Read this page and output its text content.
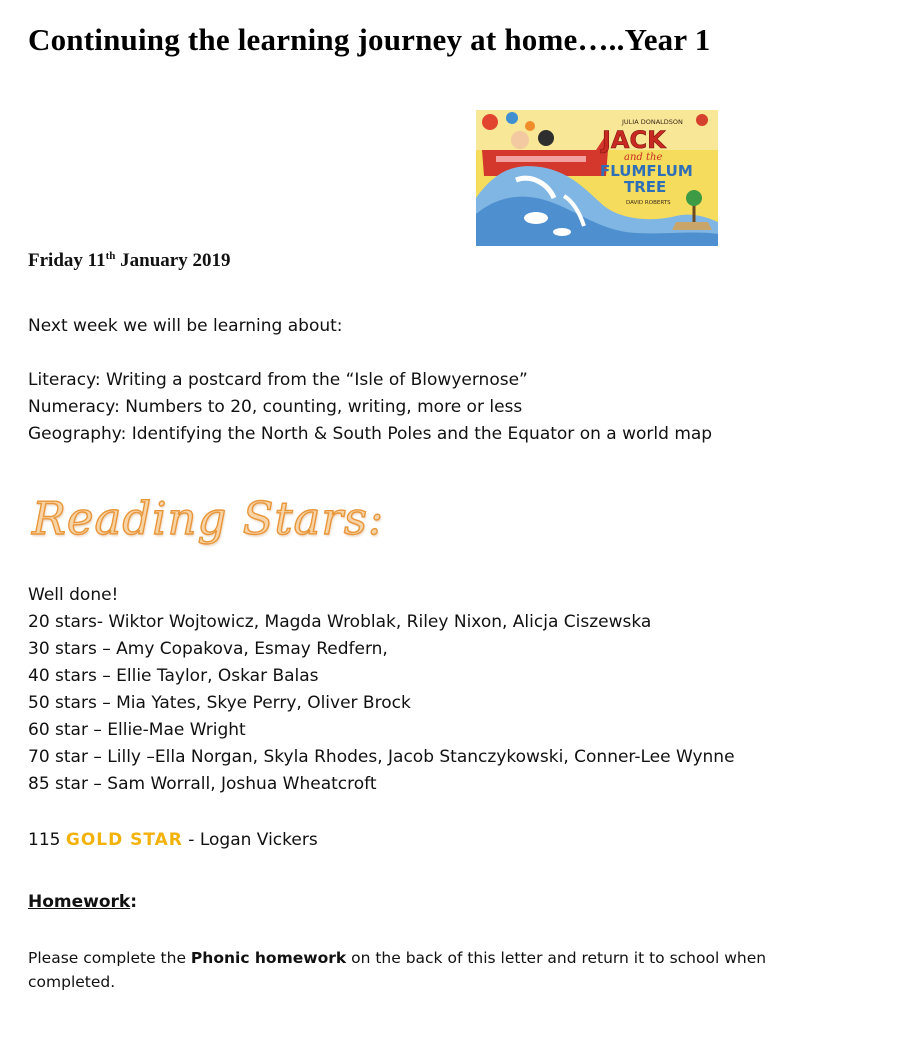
Continuing the learning journey at home…..Year 1
JULIA DONALDSON
JACK
and the
FLUMFLUM
TREE
DAVID ROBERTS
Friday 11th January 2019
Next week we will be learning about:
Literacy: Writing a postcard from the “Isle of Blowyernose”
Numeracy: Numbers to 20, counting, writing, more or less
Geography: Identifying the North & South Poles and the Equator on a world map
Reading Stars:
Well done!
20 stars- Wiktor Wojtowicz, Magda Wroblak, Riley Nixon, Alicja Ciszewska
30 stars – Amy Copakova, Esmay Redfern,
40 stars – Ellie Taylor, Oskar Balas
50 stars – Mia Yates, Skye Perry, Oliver Brock
60 star – Ellie-Mae Wright
70 star – Lilly –Ella Norgan, Skyla Rhodes, Jacob Stanczykowski, Conner-Lee Wynne
85 star – Sam Worrall, Joshua Wheatcroft
115 GOLD STAR - Logan Vickers
Homework:
Please complete the Phonic homework on the back of this letter and return it to school when completed.
